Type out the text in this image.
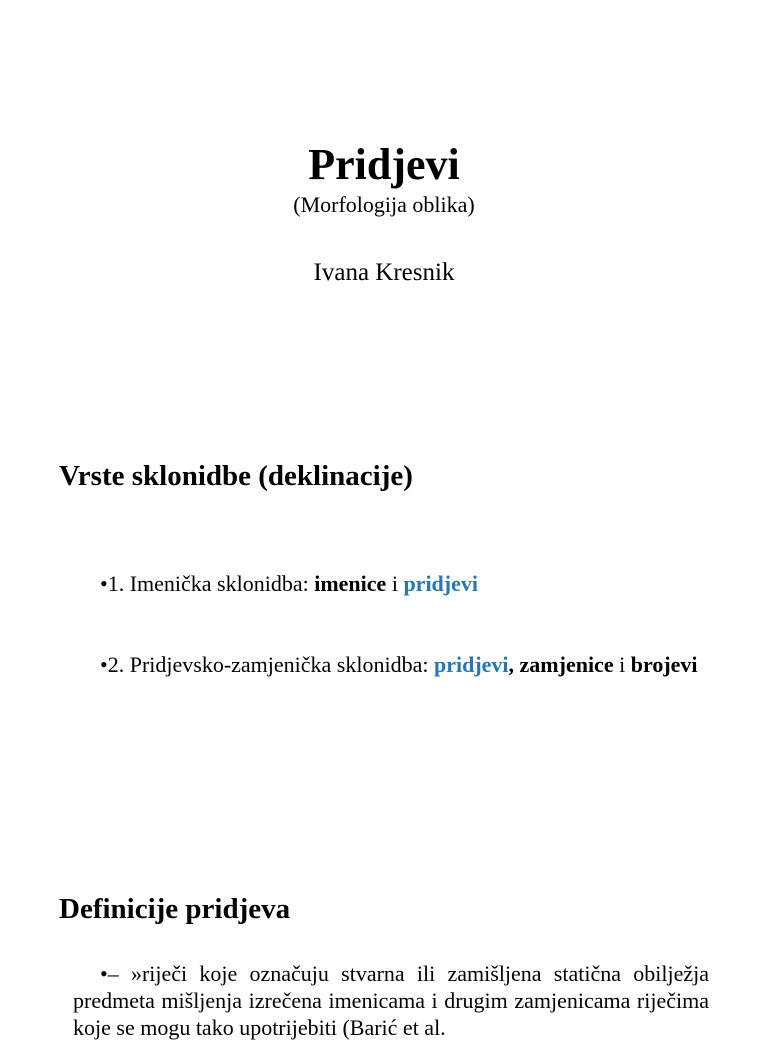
Pridjevi
(Morfologija oblika)
Ivana Kresnik
Vrste sklonidbe (deklinacije)
•1. Imenička sklonidba: imenice i pridjevi
•2. Pridjevsko-zamjenička sklonidba: pridjevi, zamjenice i brojevi
Definicije pridjeva
•– »riječi koje označuju stvarna ili zamišljena statična obilježja predmeta mišljenja izrečena imenicama i drugim zamjenicama riječima koje se mogu tako upotrijebiti (Barić et al.
